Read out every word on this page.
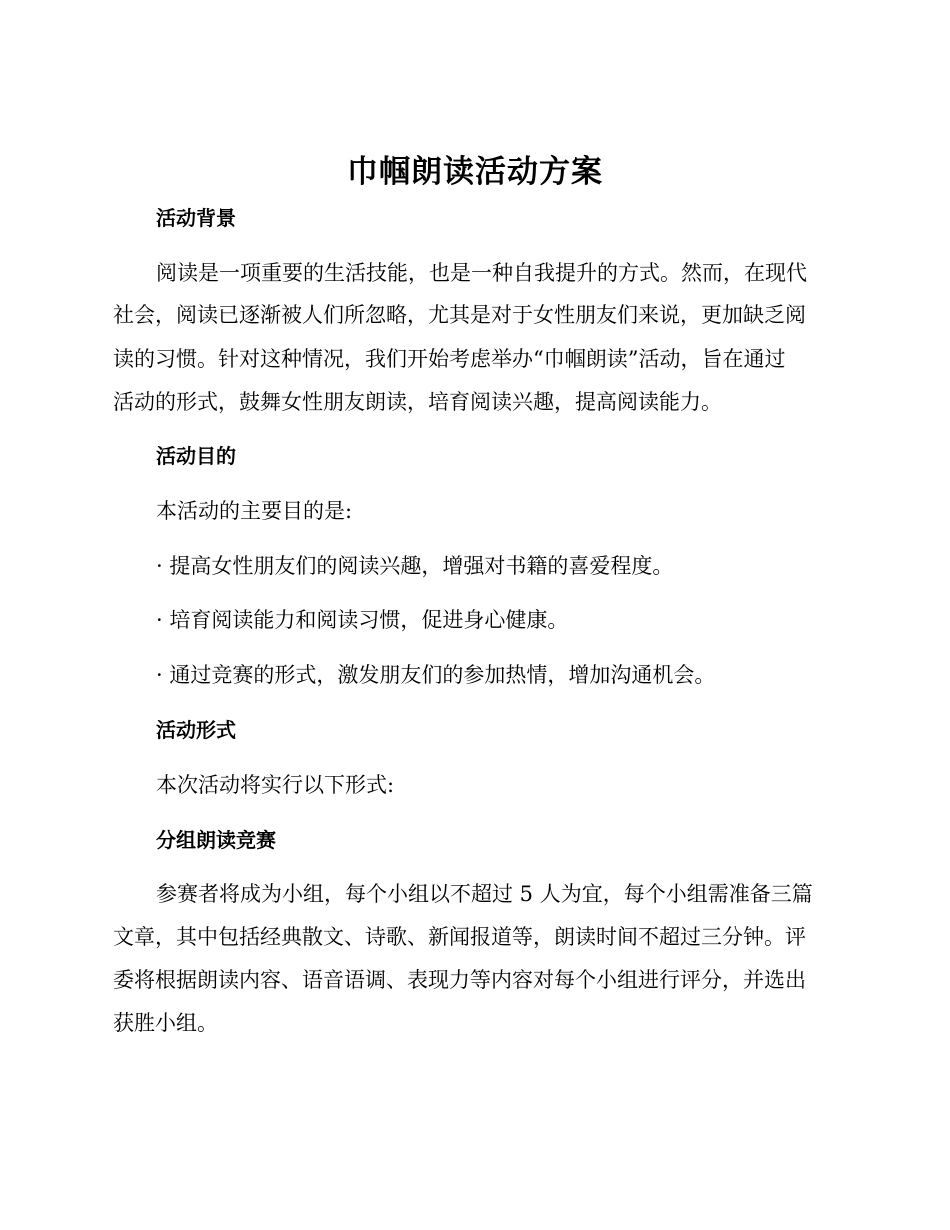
巾帼朗读活动方案
活动背景

阅读是一项重要的生活技能，也是一种自我提升的方式。然而，在现代

社会，阅读已逐渐被人们所忽略，尤其是对于女性朋友们来说，更加缺乏阅

读的习惯。针对这种情况，我们开始考虑举办“巾帼朗读”活动，旨在通过

活动的形式，鼓舞女性朋友朗读，培育阅读兴趣，提高阅读能力。

活动目的

本活动的主要目的是:

· 提高女性朋友们的阅读兴趣，增强对书籍的喜爱程度。

· 培育阅读能力和阅读习惯，促进身心健康。

· 通过竞赛的形式，激发朋友们的参加热情，增加沟通机会。

活动形式

本次活动将实行以下形式:

分组朗读竞赛

参赛者将成为小组，每个小组以不超过 5 人为宜，每个小组需准备三篇

文章，其中包括经典散文、诗歌、新闻报道等，朗读时间不超过三分钟。评

委将根据朗读内容、语音语调、表现力等内容对每个小组进行评分，并选出

获胜小组。
